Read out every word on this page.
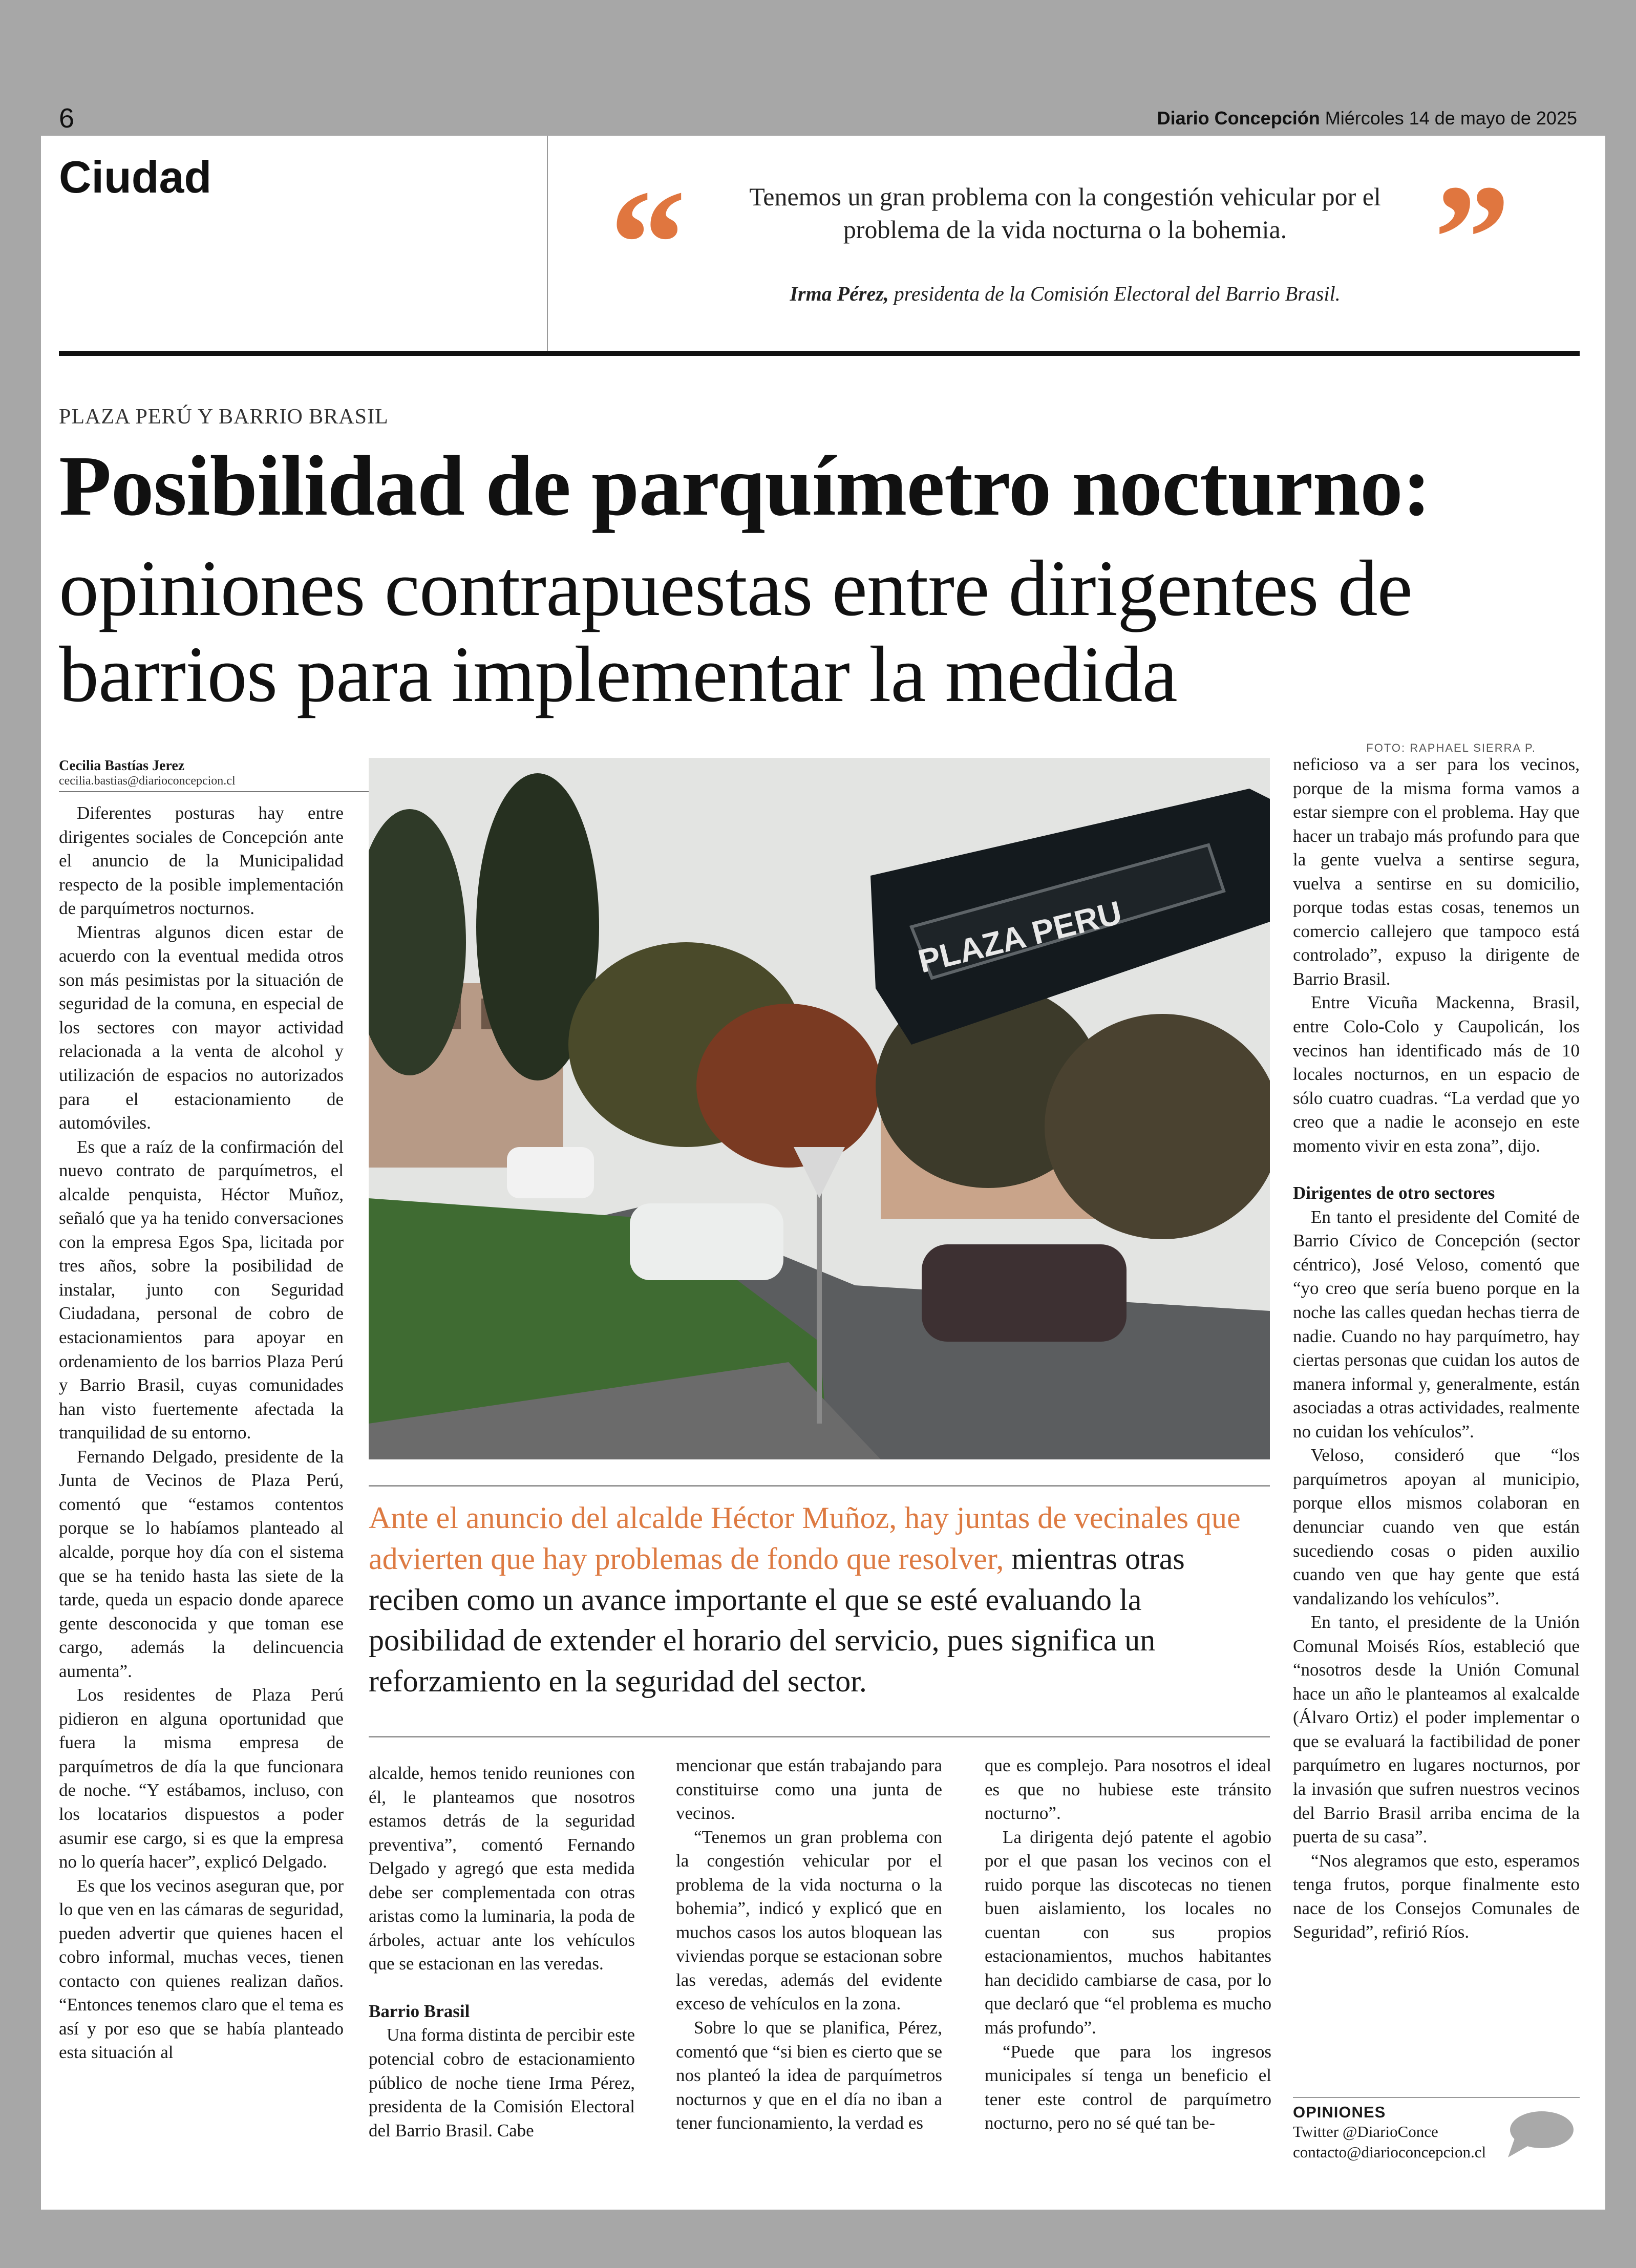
6	Diario Concepción Miércoles 14 de mayo de 2025
Ciudad	“	Tenemos un gran problema con la congestión vehicular por el problema de la vida nocturna o la bohemia. ”
Irma Pérez, presidenta de la Comisión Electoral del Barrio Brasil.
PLAZA PERÚ Y BARRIO BRASIL
Posibilidad de parquímetro nocturno:
opiniones contrapuestas entre dirigentes de barrios para implementar la medida
Cecilia Bastías Jerez
cecilia.bastias@diarioconcepcion.cl
FOTO: RAPHAEL SIERRA P.
PLAZA PERU
Ante el anuncio del alcalde Héctor Muñoz, hay juntas de vecinales que advierten que hay problemas de fondo que resolver, mientras otras reciben como un avance importante el que se esté evaluando la posibilidad de extender el horario del servicio, pues significa un reforzamiento en la seguridad del sector.

Diferentes posturas hay entre dirigentes sociales de Concepción ante el anuncio de la Municipalidad respecto de la posible implementación de parquímetros nocturnos.

Mientras algunos dicen estar de acuerdo con la eventual medida otros son más pesimistas por la situación de seguridad de la comuna, en especial de los sectores con mayor actividad relacionada a la venta de alcohol y utilización de espacios no autorizados para el estacionamiento de automóviles.

Es que a raíz de la confirmación del nuevo contrato de parquímetros, el alcalde penquista, Héctor Muñoz, señaló que ya ha tenido conversaciones con la empresa Egos Spa, licitada por tres años, sobre la posibilidad de instalar, junto con Seguridad Ciudadana, personal de cobro de estacionamientos para apoyar en ordenamiento de los barrios Plaza Perú y Barrio Brasil, cuyas comunidades han visto fuertemente afectada la tranquilidad de su entorno.

Fernando Delgado, presidente de la Junta de Vecinos de Plaza Perú, comentó que “estamos contentos porque se lo habíamos planteado al alcalde, porque hoy día con el sistema que se ha tenido hasta las siete de la tarde, queda un espacio donde aparece gente desconocida y que toman ese cargo, además la delincuencia aumenta”.

Los residentes de Plaza Perú pidieron en alguna oportunidad que fuera la misma empresa de parquímetros de día la que funcionara de noche. “Y estábamos, incluso, con los locatarios dispuestos a poder asumir ese cargo, si es que la empresa no lo quería hacer”, explicó Delgado.

Es que los vecinos aseguran que, por lo que ven en las cámaras de seguridad, pueden advertir que quienes hacen el cobro informal, muchas veces, tienen contacto con quienes realizan daños. “Entonces tenemos claro que el tema es así y por eso que se había planteado esta situación al

alcalde, hemos tenido reuniones con él, le planteamos que nosotros estamos detrás de la seguridad preventiva”, comentó Fernando Delgado y agregó que esta medida debe ser complementada con otras aristas como la luminaria, la poda de árboles, actuar ante los vehículos que se estacionan en las veredas.

Barrio Brasil

Una forma distinta de percibir este potencial cobro de estacionamiento público de noche tiene Irma Pérez, presidenta de la Comisión Electoral del Barrio Brasil. Cabe

mencionar que están trabajando para constituirse como una junta de vecinos.

“Tenemos un gran problema con la congestión vehicular por el problema de la vida nocturna o la bohemia”, indicó y explicó que en muchos casos los autos bloquean las viviendas porque se estacionan sobre las veredas, además del evidente exceso de vehículos en la zona.

Sobre lo que se planifica, Pérez, comentó que “si bien es cierto que se nos planteó la idea de parquímetros nocturnos y que en el día no iban a tener funcionamiento, la verdad es

que es complejo. Para nosotros el ideal es que no hubiese este tránsito nocturno”.

La dirigenta dejó patente el agobio por el que pasan los vecinos con el ruido porque las discotecas no tienen buen aislamiento, los locales no cuentan con sus propios estacionamientos, muchos habitantes han decidido cambiarse de casa, por lo que declaró que “el problema es mucho más profundo”.

“Puede que para los ingresos municipales sí tenga un beneficio el tener este control de parquímetro nocturno, pero no sé qué tan be-

neficioso va a ser para los vecinos, porque de la misma forma vamos a estar siempre con el problema. Hay que hacer un trabajo más profundo para que la gente vuelva a sentirse segura, vuelva a sentirse en su domicilio, porque todas estas cosas, tenemos un comercio callejero que tampoco está controlado”, expuso la dirigente de Barrio Brasil.

Entre Vicuña Mackenna, Brasil, entre Colo-Colo y Caupolicán, los vecinos han identificado más de 10 locales nocturnos, en un espacio de sólo cuatro cuadras. “La verdad que yo creo que a nadie le aconsejo en este momento vivir en esta zona”, dijo.

Dirigentes de otro sectores

En tanto el presidente del Comité de Barrio Cívico de Concepción (sector céntrico), José Veloso, comentó que “yo creo que sería bueno porque en la noche las calles quedan hechas tierra de nadie. Cuando no hay parquímetro, hay ciertas personas que cuidan los autos de manera informal y, generalmente, están asociadas a otras actividades, realmente no cuidan los vehículos”.

Veloso, consideró que “los parquímetros apoyan al municipio, porque ellos mismos colaboran en denunciar cuando ven que están sucediendo cosas o piden auxilio cuando ven que hay gente que está vandalizando los vehículos”.

En tanto, el presidente de la Unión Comunal Moisés Ríos, estableció que “nosotros desde la Unión Comunal hace un año le planteamos al exalcalde (Álvaro Ortiz) el poder implementar o que se evaluará la factibilidad de poner parquímetro en lugares nocturnos, por la invasión que sufren nuestros vecinos del Barrio Brasil arriba encima de la puerta de su casa”.

“Nos alegramos que esto, esperamos tenga frutos, porque finalmente esto nace de los Consejos Comunales de Seguridad”, refirió Ríos.

OPINIONES
Twitter @DiarioConce
contacto@diarioconcepcion.cl
